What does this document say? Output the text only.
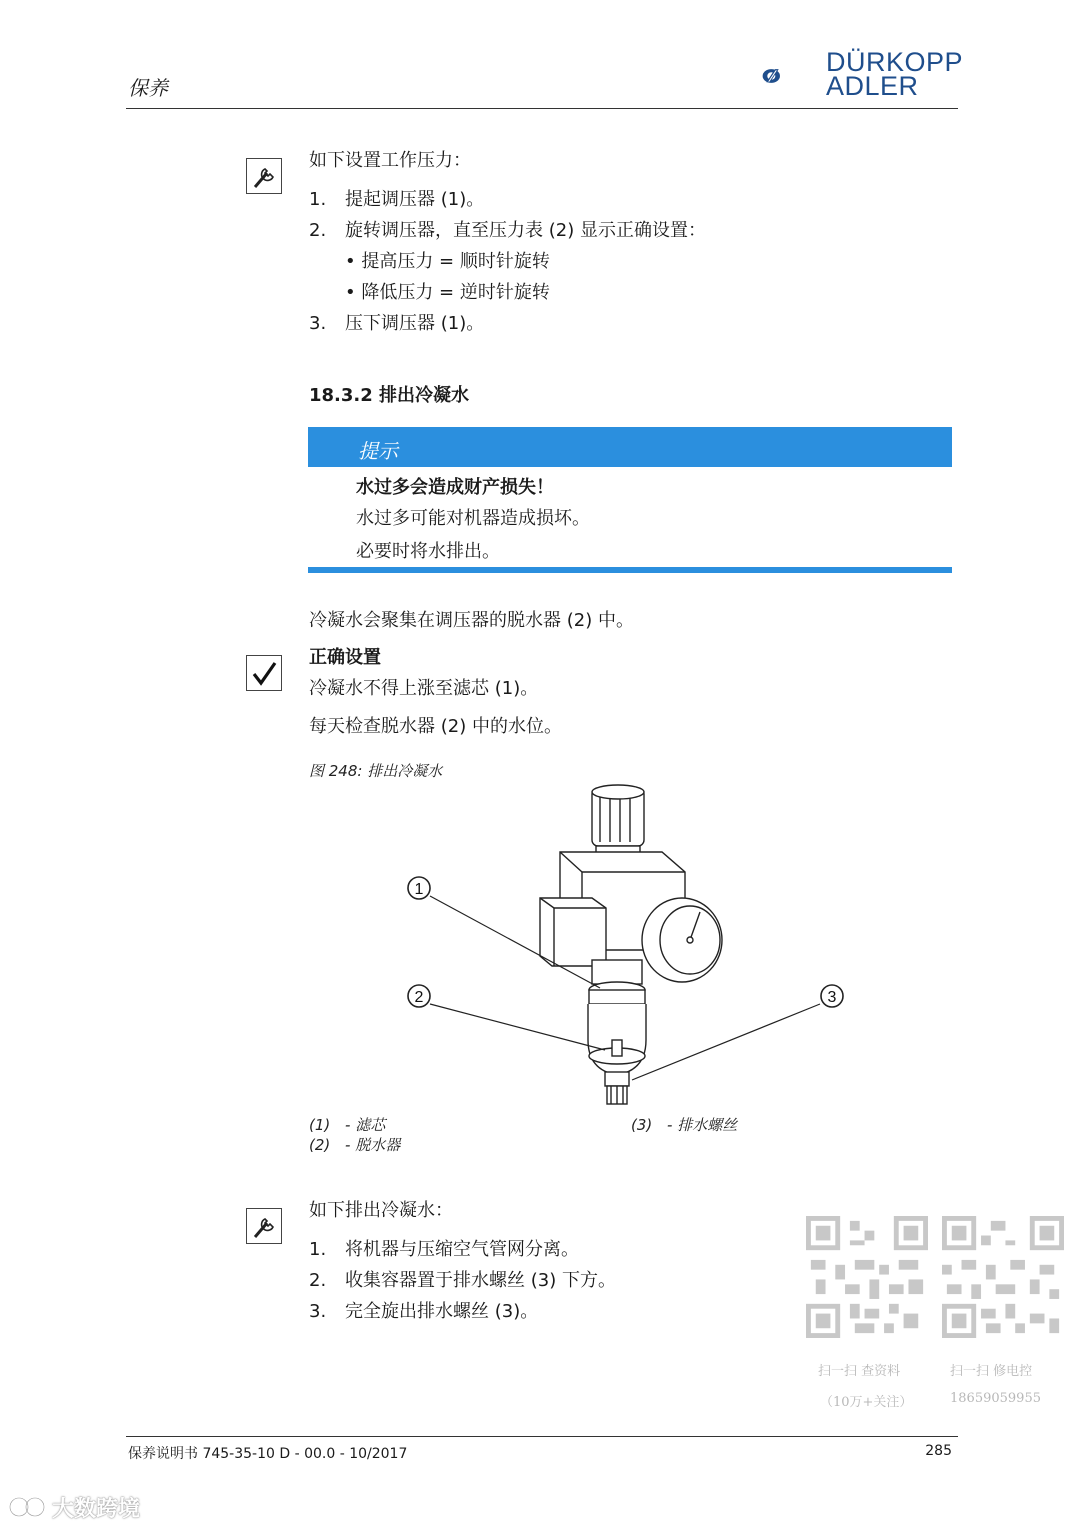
保养
DÜRKOPP
ADLER
如下设置工作压力：
1. 提起调压器 (1)。
2. 旋转调压器，直至压力表 (2) 显示正确设置：
• 提高压力 = 顺时针旋转
• 降低压力 = 逆时针旋转
3. 压下调压器 (1)。
18.3.2 排出冷凝水
提示
水过多会造成财产损失！
水过多可能对机器造成损坏。
必要时将水排出。
冷凝水会聚集在调压器的脱水器 (2) 中。
正确设置
冷凝水不得上涨至滤芯 (1)。
每天检查脱水器 (2) 中的水位。
图 248: 排出冷凝水
1
2	3
(1) - 滤芯
(2) - 脱水器
(3) - 排水螺丝
如下排出冷凝水：
1. 将机器与压缩空气管网分离。
2. 收集容器置于排水螺丝 (3) 下方。
3. 完全旋出排水螺丝 (3)。
扫一扫 查资料
（10万+关注）
扫一扫 修电控
18659059955
保养说明书 745-35-10 D - 00.0 - 10/2017	285
大数跨境
